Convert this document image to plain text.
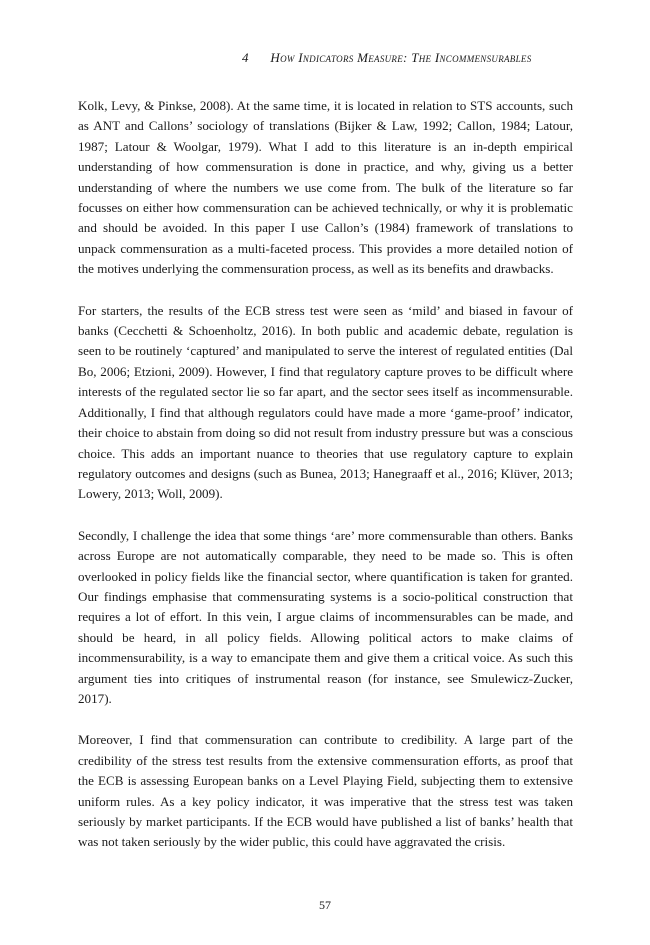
4 How Indicators Measure: The Incommensurables

Kolk, Levy, & Pinkse, 2008). At the same time, it is located in relation to STS accounts, such as ANT and Callons’ sociology of translations (Bijker & Law, 1992; Callon, 1984; Latour, 1987; Latour & Woolgar, 1979). What I add to this literature is an in-depth empirical understanding of how commensuration is done in practice, and why, giving us a better understanding of where the numbers we use come from. The bulk of the literature so far focusses on either how commensuration can be achieved technically, or why it is problematic and should be avoided. In this paper I use Callon’s (1984) framework of translations to unpack commensuration as a multi-faceted process. This provides a more detailed notion of the motives underlying the commensuration process, as well as its benefits and drawbacks.

For starters, the results of the ECB stress test were seen as ‘mild’ and biased in favour of banks (Cecchetti & Schoenholtz, 2016). In both public and academic debate, regulation is seen to be routinely ‘captured’ and manipulated to serve the interest of regulated entities (Dal Bo, 2006; Etzioni, 2009). However, I find that regulatory capture proves to be difficult where interests of the regulated sector lie so far apart, and the sector sees itself as incommensurable. Additionally, I find that although regulators could have made a more ‘game-proof’ indicator, their choice to abstain from doing so did not result from industry pressure but was a conscious choice. This adds an important nuance to theories that use regulatory capture to explain regulatory outcomes and designs (such as Bunea, 2013; Hanegraaff et al., 2016; Klüver, 2013; Lowery, 2013; Woll, 2009).

Secondly, I challenge the idea that some things ‘are’ more commensurable than others. Banks across Europe are not automatically comparable, they need to be made so. This is often overlooked in policy fields like the financial sector, where quantification is taken for granted. Our findings emphasise that commensurating systems is a socio-political construction that requires a lot of effort. In this vein, I argue claims of incommensurables can be made, and should be heard, in all policy fields. Allowing political actors to make claims of incommensurability, is a way to emancipate them and give them a critical voice. As such this argument ties into critiques of instrumental reason (for instance, see Smulewicz-Zucker, 2017).

Moreover, I find that commensuration can contribute to credibility. A large part of the credibility of the stress test results from the extensive commensuration efforts, as proof that the ECB is assessing European banks on a Level Playing Field, subjecting them to extensive uniform rules. As a key policy indicator, it was imperative that the stress test was taken seriously by market participants. If the ECB would have published a list of banks’ health that was not taken seriously by the wider public, this could have aggravated the crisis.

57
